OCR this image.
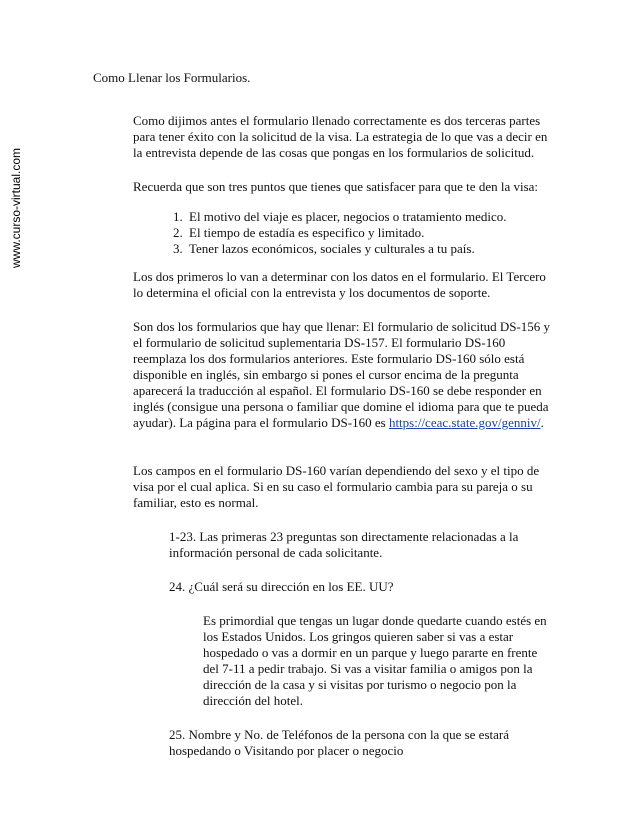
www.curso-virtual.com
Como Llenar los Formularios.

Como dijimos antes el formulario llenado correctamente es dos terceras partes para tener éxito con la solicitud de la visa. La estrategia de lo que vas a decir en la entrevista depende de las cosas que pongas en los formularios de solicitud.

Recuerda que son tres puntos que tienes que satisfacer para que te den la visa:

1. El motivo del viaje es placer, negocios o tratamiento medico.
2. El tiempo de estadía es especifico y limitado.
3. Tener lazos económicos, sociales y culturales a tu país.

Los dos primeros lo van a determinar con los datos en el formulario. El Tercero lo determina el oficial con la entrevista y los documentos de soporte.

Son dos los formularios que hay que llenar: El formulario de solicitud DS-156 y el formulario de solicitud suplementaria DS-157. El formulario DS-160 reemplaza los dos formularios anteriores. Este formulario DS-160 sólo está disponible en inglés, sin embargo si pones el cursor encima de la pregunta aparecerá la traducción al español. El formulario DS-160 se debe responder en inglés (consigue una persona o familiar que domine el idioma para que te pueda ayudar). La página para el formulario DS-160 es https://ceac.state.gov/genniv/.

Los campos en el formulario DS-160 varían dependiendo del sexo y el tipo de visa por el cual aplica. Si en su caso el formulario cambia para su pareja o su familiar, esto es normal.

1-23. Las primeras 23 preguntas son directamente relacionadas a la información personal de cada solicitante.

24. ¿Cuál será su dirección en los EE. UU?

Es primordial que tengas un lugar donde quedarte cuando estés en los Estados Unidos. Los gringos quieren saber si vas a estar hospedado o vas a dormir en un parque y luego pararte en frente del 7-11 a pedir trabajo. Si vas a visitar familia o amigos pon la dirección de la casa y si visitas por turismo o negocio pon la dirección del hotel.

25. Nombre y No. de Teléfonos de la persona con la que se estará hospedando o Visitando por placer o negocio
